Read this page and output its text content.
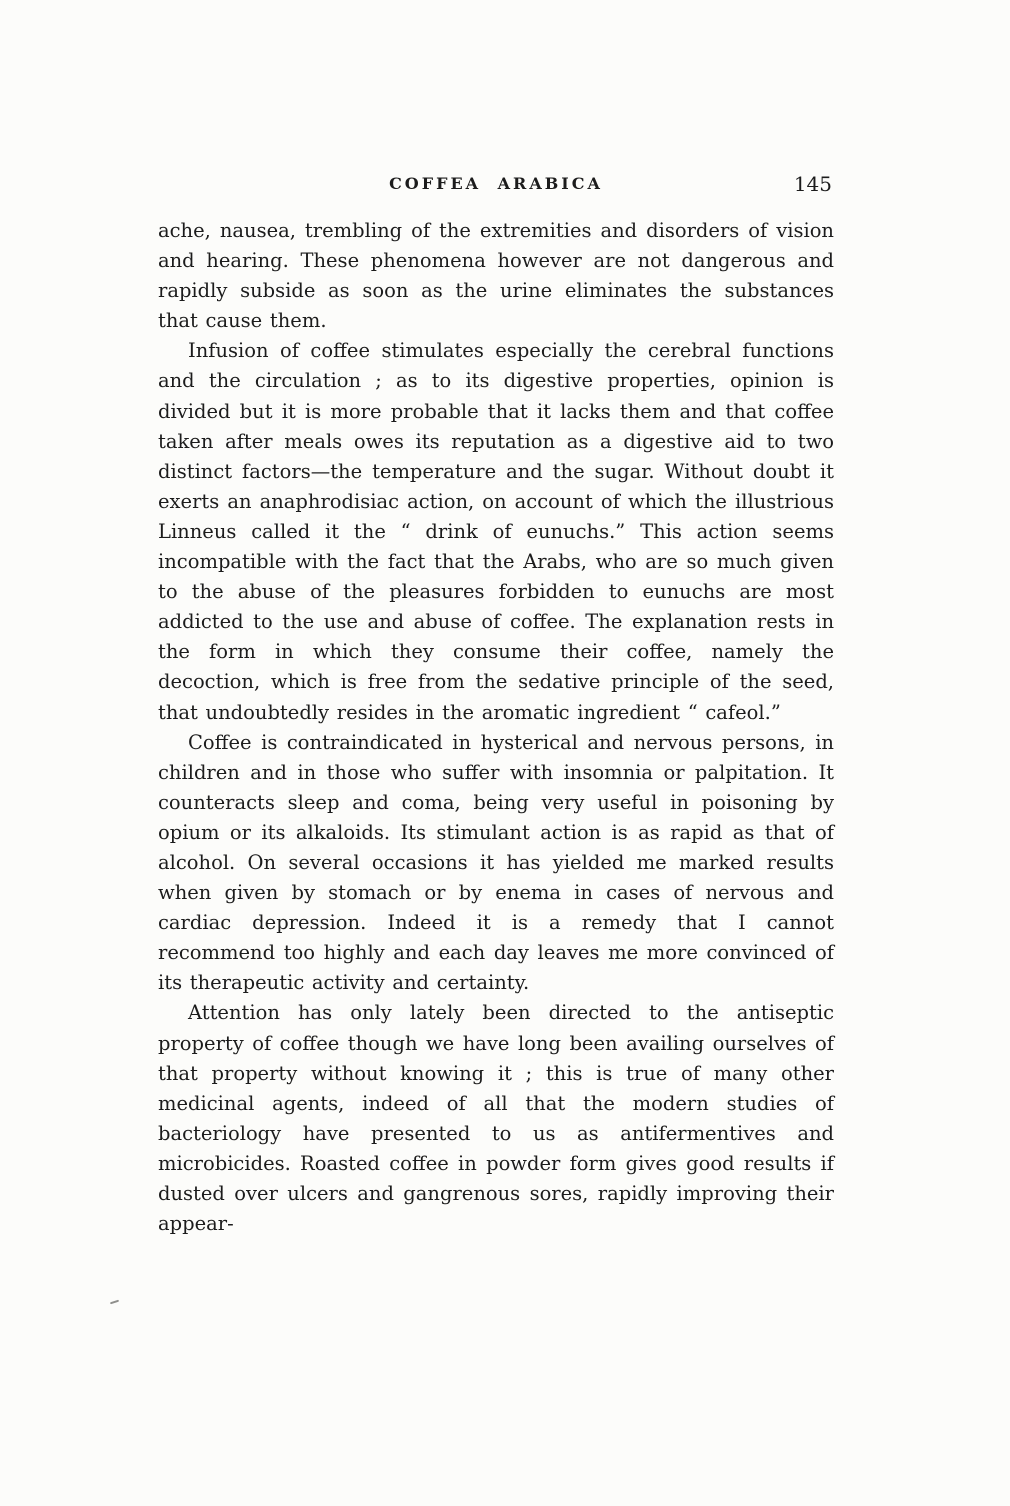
COFFEA ARABICA	145

ache, nausea, trembling of the extremities and disorders of vision and hearing. These phenomena however are not dangerous and rapidly subside as soon as the urine eliminates the substances that cause them.

Infusion of coffee stimulates especially the cerebral functions and the circulation ; as to its digestive properties, opinion is divided but it is more probable that it lacks them and that coffee taken after meals owes its reputation as a digestive aid to two distinct factors—the temperature and the sugar. Without doubt it exerts an anaphrodisiac action, on account of which the illustrious Linneus called it the “ drink of eunuchs.” This action seems incompatible with the fact that the Arabs, who are so much given to the abuse of the pleasures forbidden to eunuchs are most addicted to the use and abuse of coffee. The explanation rests in the form in which they consume their coffee, namely the decoction, which is free from the sedative principle of the seed, that undoubtedly resides in the aromatic ingredient “ cafeol.”

Coffee is contraindicated in hysterical and nervous persons, in children and in those who suffer with insomnia or palpitation. It counteracts sleep and coma, being very useful in poisoning by opium or its alkaloids. Its stimulant action is as rapid as that of alcohol. On several occasions it has yielded me marked results when given by stomach or by enema in cases of nervous and cardiac depression. Indeed it is a remedy that I cannot recommend too highly and each day leaves me more convinced of its therapeutic activity and certainty.

Attention has only lately been directed to the antiseptic property of coffee though we have long been availing ourselves of that property without knowing it ; this is true of many other medicinal agents, indeed of all that the modern studies of bacteriology have presented to us as antifermentives and microbicides. Roasted coffee in powder form gives good results if dusted over ulcers and gangrenous sores, rapidly improving their appear-
